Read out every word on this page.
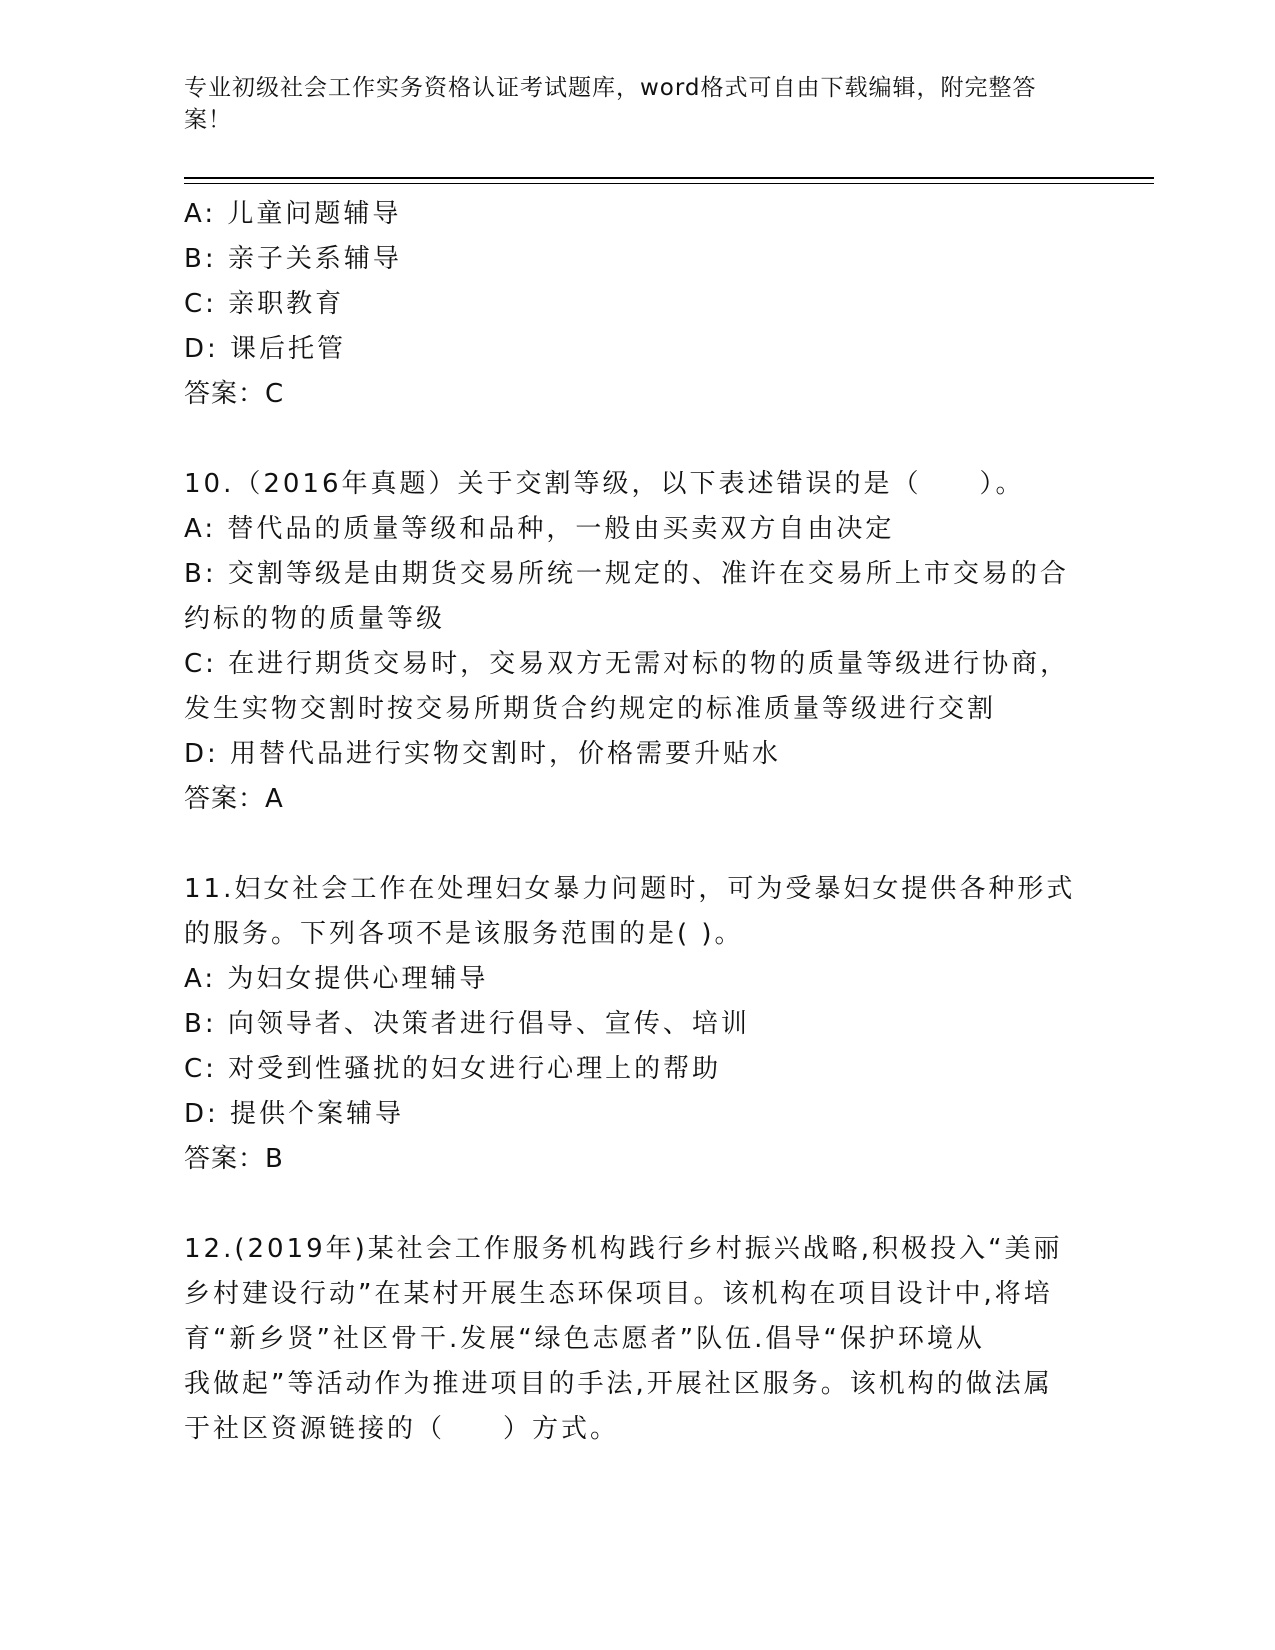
专业初级社会工作实务资格认证考试题库，word格式可自由下载编辑，附完整答案！
A: 儿童问题辅导
B: 亲子关系辅导
C: 亲职教育
D: 课后托管
答案：C
10.（2016年真题）关于交割等级，以下表述错误的是（　　）。
A: 替代品的质量等级和品种，一般由买卖双方自由决定
B: 交割等级是由期货交易所统一规定的、准许在交易所上市交易的合
约标的物的质量等级
C: 在进行期货交易时，交易双方无需对标的物的质量等级进行协商，
发生实物交割时按交易所期货合约规定的标准质量等级进行交割
D: 用替代品进行实物交割时，价格需要升贴水
答案：A
11.妇女社会工作在处理妇女暴力问题时，可为受暴妇女提供各种形式
的服务。下列各项不是该服务范围的是( )。
A: 为妇女提供心理辅导
B: 向领导者、决策者进行倡导、宣传、培训
C: 对受到性骚扰的妇女进行心理上的帮助
D: 提供个案辅导
答案：B
12.(2019年)某社会工作服务机构践行乡村振兴战略,积极投入“美丽
乡村建设行动”在某村开展生态环保项目。该机构在项目设计中,将培
育“新乡贤”社区骨干.发展“绿色志愿者”队伍.倡导“保护环境从
我做起”等活动作为推进项目的手法,开展社区服务。该机构的做法属
于社区资源链接的（　　）方式。
